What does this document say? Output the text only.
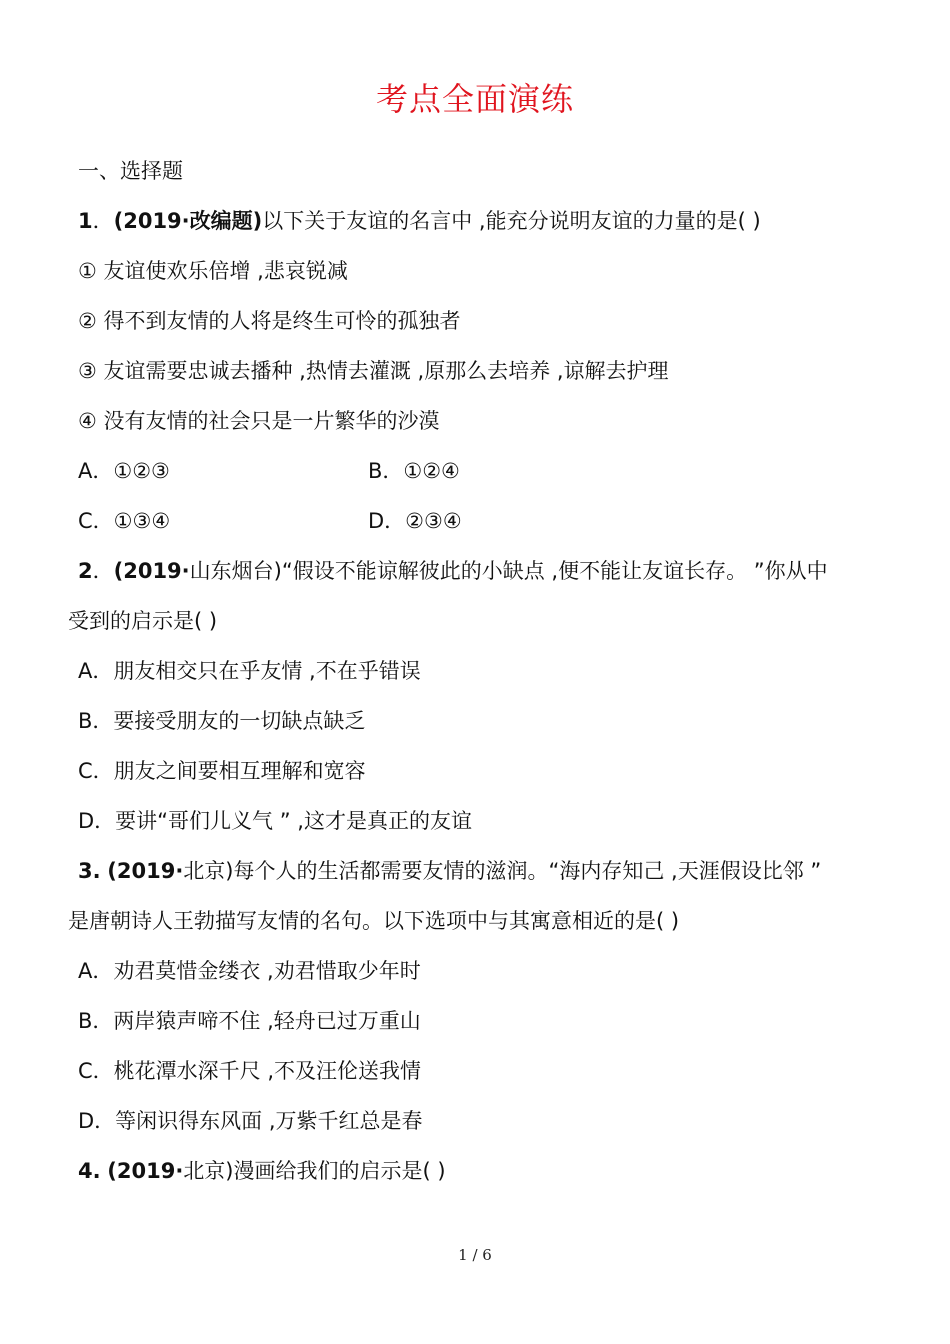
考点全面演练
一、选择题
1．(2019·改编题)以下关于友谊的名言中 ,能充分说明友谊的力量的是( )
① 友谊使欢乐倍增 ,悲哀锐减
② 得不到友情的人将是终生可怜的孤独者
③ 友谊需要忠诚去播种 ,热情去灌溉 ,原那么去培养 ,谅解去护理
④ 没有友情的社会只是一片繁华的沙漠
A．①②③	B．①②④
C．①③④	D．②③④
2．(2019·山东烟台)“假设不能谅解彼此的小缺点 ,便不能让友谊长存。 ”你从中
受到的启示是( )
A．朋友相交只在乎友情 ,不在乎错误
B．要接受朋友的一切缺点缺乏
C．朋友之间要相互理解和宽容
D．要讲“哥们儿义气 ” ,这才是真正的友谊
3. (2019·北京)每个人的生活都需要友情的滋润。“海内存知己 ,天涯假设比邻 ”
是唐朝诗人王勃描写友情的名句。以下选项中与其寓意相近的是( )
A．劝君莫惜金缕衣 ,劝君惜取少年时
B．两岸猿声啼不住 ,轻舟已过万重山
C．桃花潭水深千尺 ,不及汪伦送我情
D．等闲识得东风面 ,万紫千红总是春
4. (2019·北京)漫画给我们的启示是( )
1 / 6
